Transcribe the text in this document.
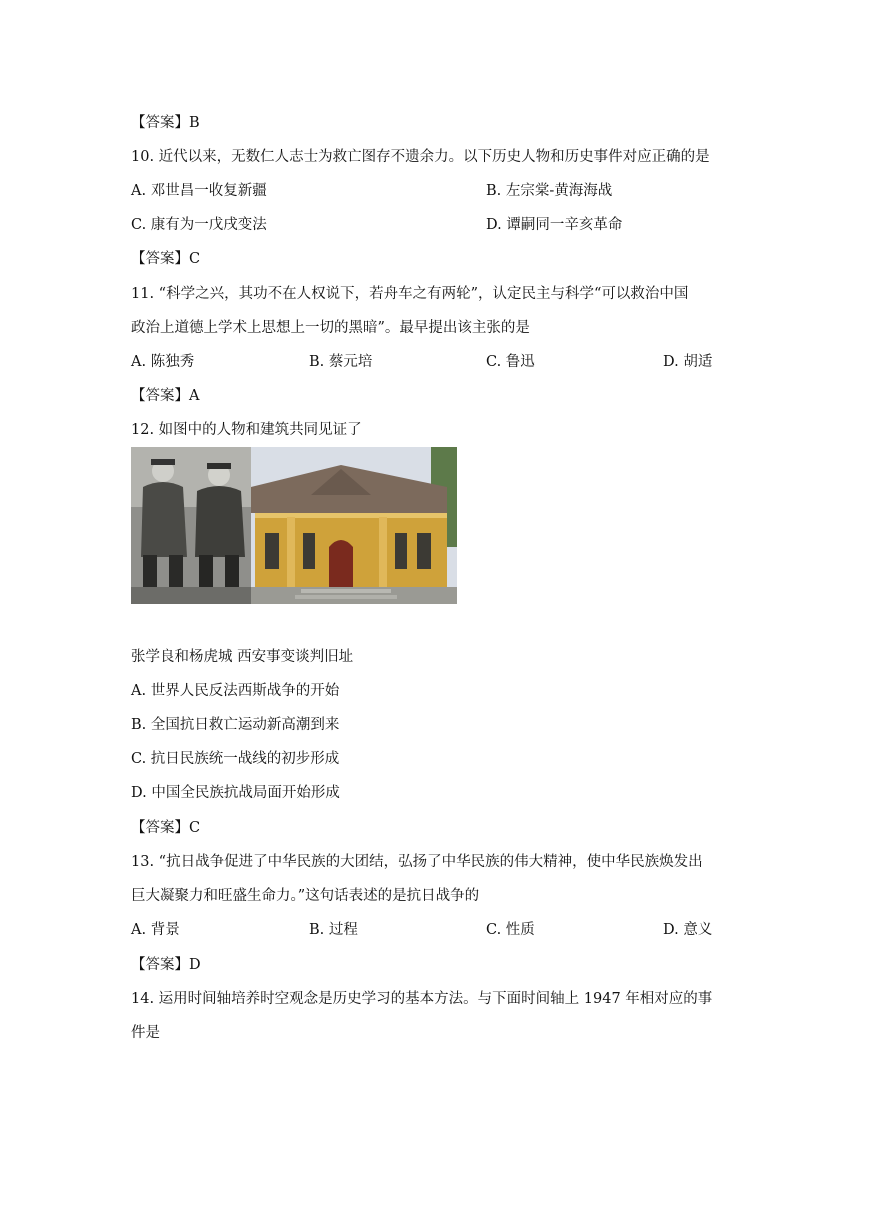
【答案】B
10. 近代以来，无数仁人志士为救亡图存不遗余力。以下历史人物和历史事件对应正确的是
A. 邓世昌一收复新疆	B. 左宗棠-黄海海战
C. 康有为一戊戌变法	D. 谭嗣同一辛亥革命
【答案】C
11. “科学之兴，其功不在人权说下，若舟车之有两轮”，认定民主与科学“可以救治中国
政治上道德上学术上思想上一切的黑暗”。最早提出该主张的是
A. 陈独秀	B. 蔡元培	C. 鲁迅	D. 胡适
【答案】A
12. 如图中的人物和建筑共同见证了
张学良和杨虎城 西安事变谈判旧址
A. 世界人民反法西斯战争的开始
B. 全国抗日救亡运动新高潮到来
C. 抗日民族统一战线的初步形成
D. 中国全民族抗战局面开始形成
【答案】C
13. “抗日战争促进了中华民族的大团结，弘扬了中华民族的伟大精神，使中华民族焕发出
巨大凝聚力和旺盛生命力。”这句话表述的是抗日战争的
A. 背景	B. 过程	C. 性质	D. 意义
【答案】D
14. 运用时间轴培养时空观念是历史学习的基本方法。与下面时间轴上 1947 年相对应的事
件是
